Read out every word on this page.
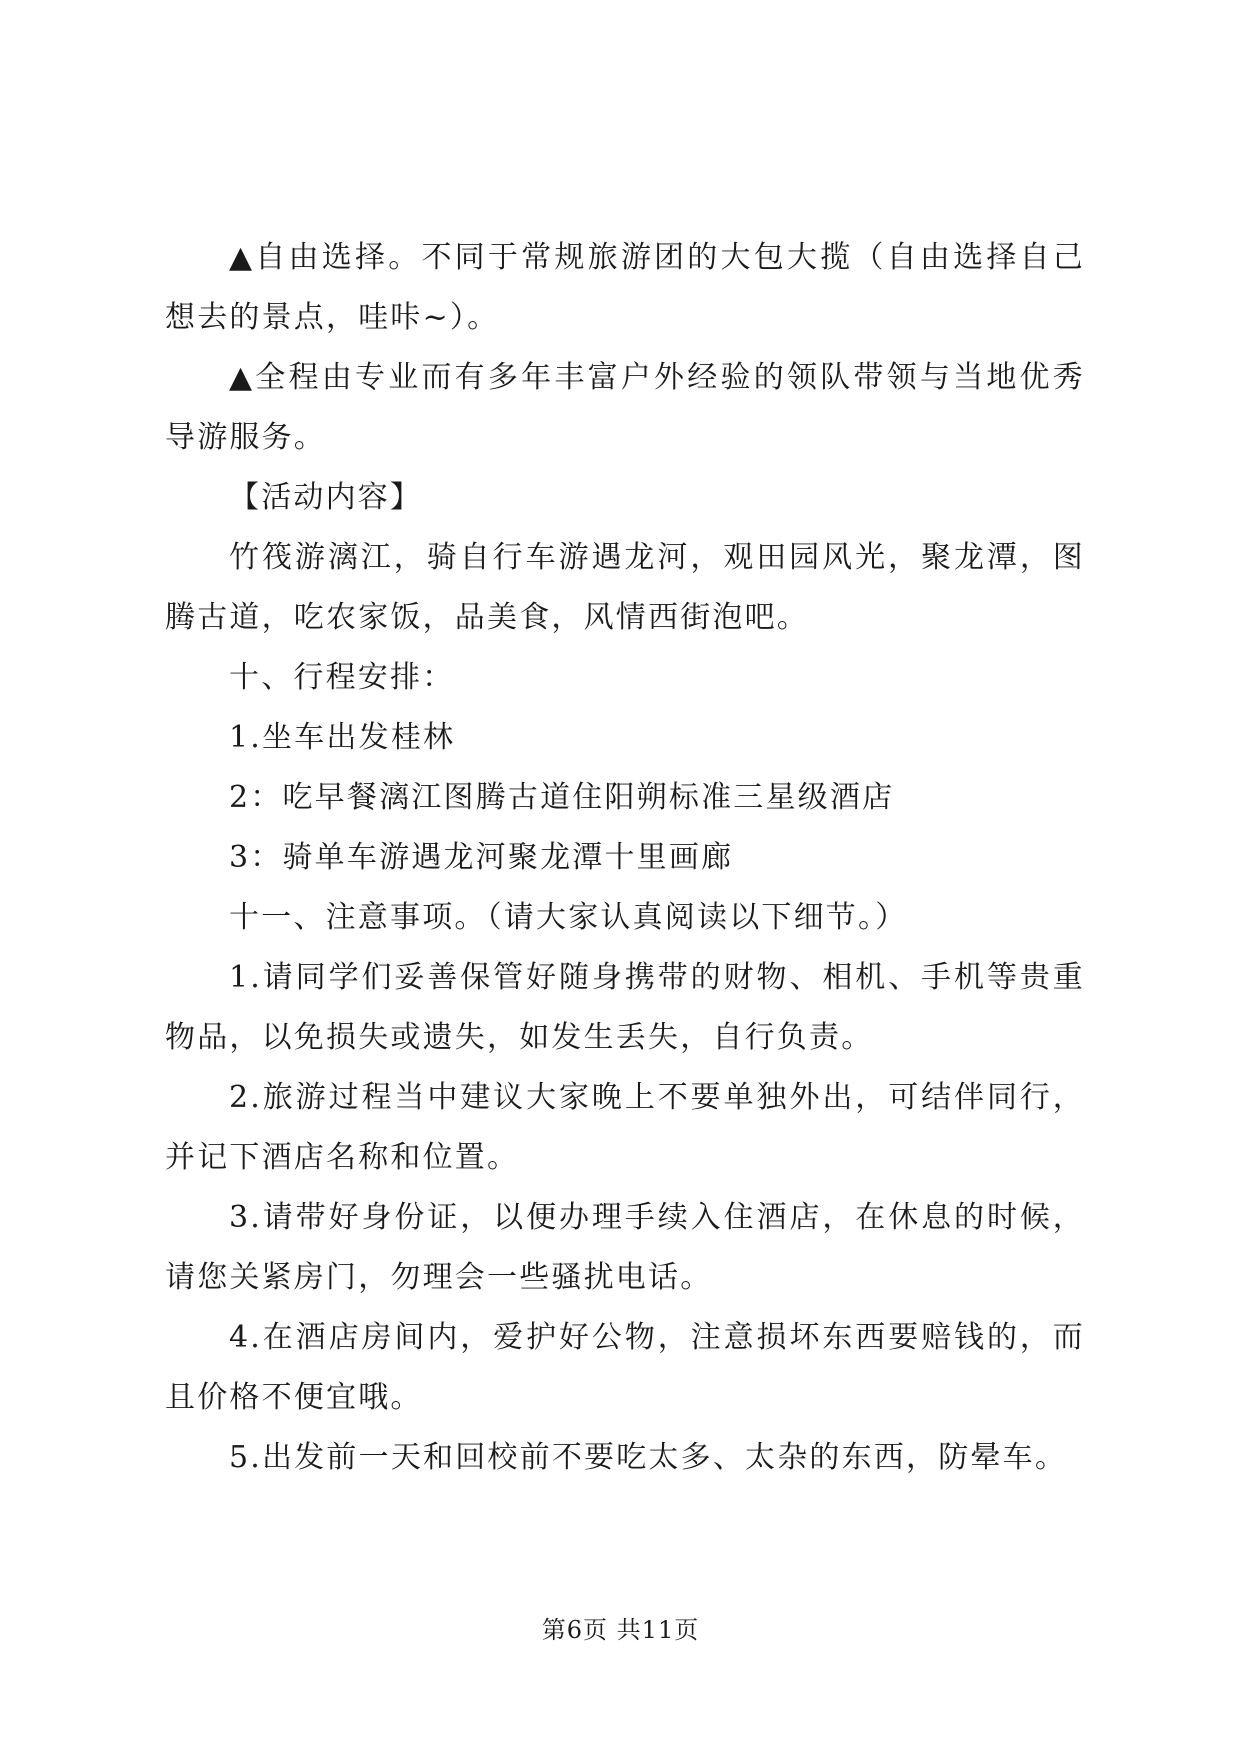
▲自由选择。不同于常规旅游团的大包大揽（自由选择自己想去的景点，哇咔~）。

▲全程由专业而有多年丰富户外经验的领队带领与当地优秀导游服务。

【活动内容】

竹筏游漓江，骑自行车游遇龙河，观田园风光，聚龙潭，图腾古道，吃农家饭，品美食，风情西街泡吧。

十、行程安排：

1.坐车出发桂林

2：吃早餐漓江图腾古道住阳朔标准三星级酒店

3：骑单车游遇龙河聚龙潭十里画廊

十一、注意事项。（请大家认真阅读以下细节。）

1.请同学们妥善保管好随身携带的财物、相机、手机等贵重物品，以免损失或遗失，如发生丢失，自行负责。

2.旅游过程当中建议大家晚上不要单独外出，可结伴同行，并记下酒店名称和位置。

3.请带好身份证，以便办理手续入住酒店，在休息的时候，请您关紧房门，勿理会一些骚扰电话。

4.在酒店房间内，爱护好公物，注意损坏东西要赔钱的，而且价格不便宜哦。

5.出发前一天和回校前不要吃太多、太杂的东西，防晕车。

第6页 共11页
